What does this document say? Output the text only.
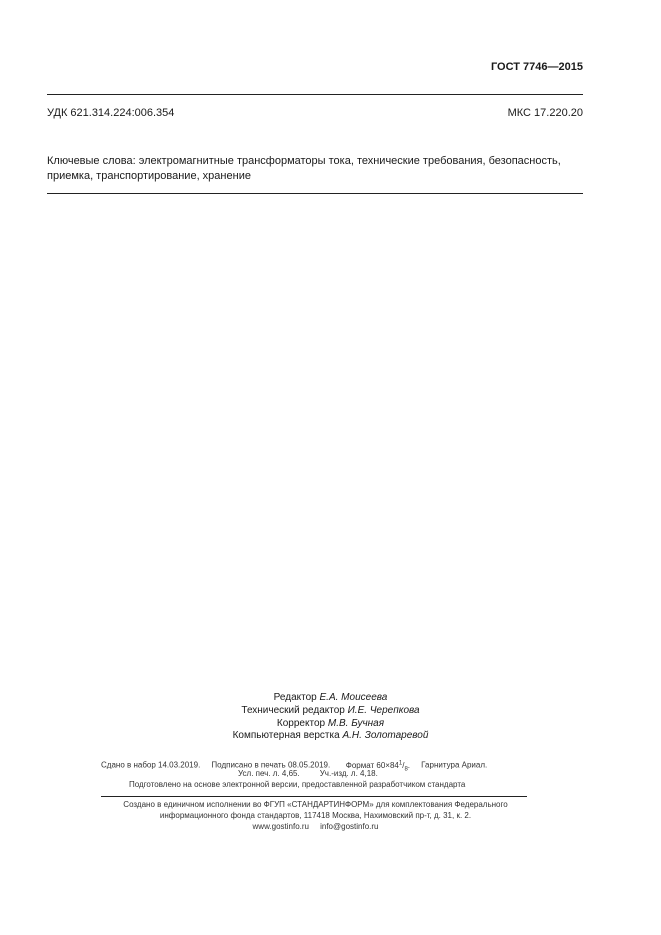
ГОСТ 7746—2015
УДК 621.314.224:006.354	МКС 17.220.20
Ключевые слова: электромагнитные трансформаторы тока, технические требования, безопасность, приемка, транспортирование, хранение
Редактор Е.А. Моисеева
Технический редактор И.Е. Черепкова
Корректор М.В. Бучная
Компьютерная верстка А.Н. Золотаревой
Сдано в набор 14.03.2019. Подписано в печать 08.05.2019. Формат $60\times 84^1/_8$. Гарнитура Ариал.
Усл. печ. л. 4,65.	Уч.-изд. л. 4,18.
Подготовлено на основе электронной версии, предоставленной разработчиком стандарта
Создано в единичном исполнении во ФГУП «СТАНДАРТИНФОРМ» для комплектования Федерального
информационного фонда стандартов, 117418 Москва, Нахимовский пр-т, д. 31, к. 2.
www.gostinfo.ru info@gostinfo.ru
